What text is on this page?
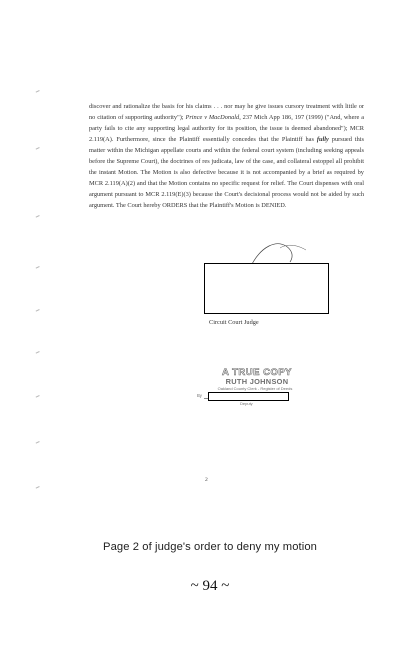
discover and rationalize the basis for his claims . . . nor may he give issues cursory treatment with little or no citation of supporting authority"); Prince v MacDonald, 237 Mich App 186, 197 (1999) ("And, where a party fails to cite any supporting legal authority for its position, the issue is deemed abandoned"); MCR 2.119(A). Furthermore, since the Plaintiff essentially concedes that the Plaintiff has fully pursued this matter within the Michigan appellate courts and within the federal court system (including seeking appeals before the Supreme Court), the doctrines of res judicata, law of the case, and collateral estoppel all prohibit the instant Motion. The Motion is also defective because it is not accompanied by a brief as required by MCR 2.119(A)(2) and that the Motion contains no specific request for relief. The Court dispenses with oral argument pursuant to MCR 2.119(E)(3) because the Court's decisional process would not be aided by such argument. The Court hereby ORDERS that the Plaintiff's Motion is DENIED.

Circuit Court Judge
A TRUE COPY
RUTH JOHNSON
Oakland County Clerk - Register of Deeds
By
Deputy
2
Page 2 of judge's order to deny my motion
~ 94 ~
